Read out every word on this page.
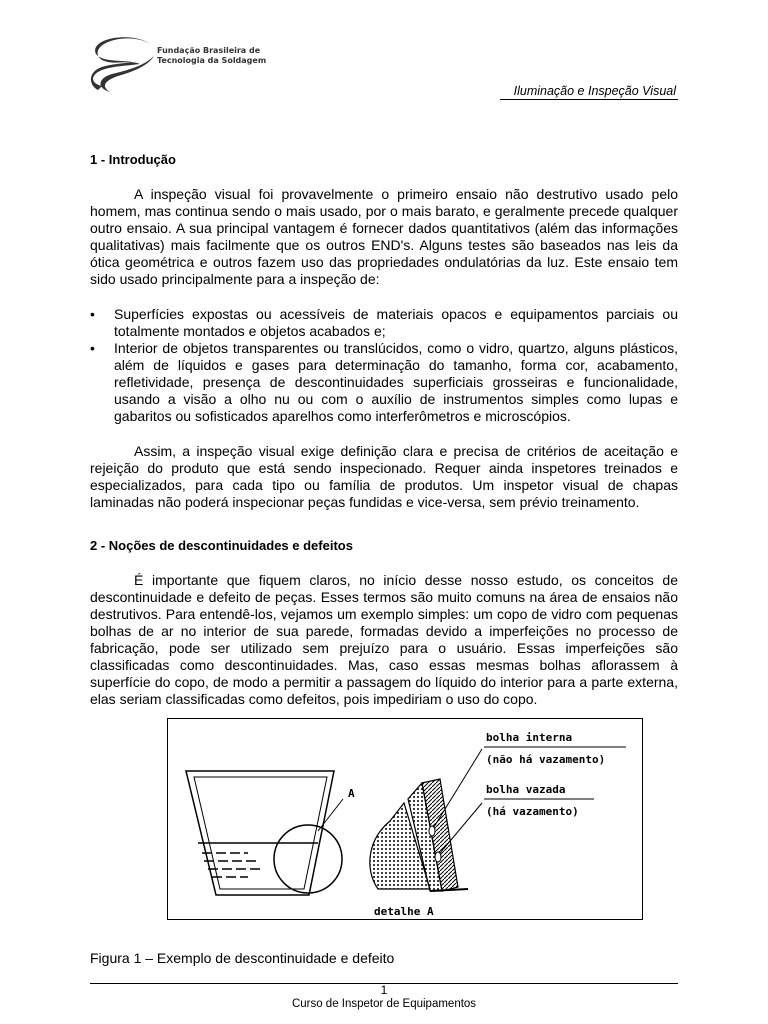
Fundação Brasileira de
Tecnologia da Soldagem
Iluminação e Inspeção Visual
1 - Introdução

A inspeção visual foi provavelmente o primeiro ensaio não destrutivo usado pelo homem, mas continua sendo o mais usado, por o mais barato, e geralmente precede qualquer outro ensaio. A sua principal vantagem é fornecer dados quantitativos (além das informações qualitativas) mais facilmente que os outros END's. Alguns testes são baseados nas leis da ótica geométrica e outros fazem uso das propriedades ondulatórias da luz. Este ensaio tem sido usado principalmente para a inspeção de:

• Superfícies expostas ou acessíveis de materiais opacos e equipamentos parciais ou totalmente montados e objetos acabados e;
• Interior de objetos transparentes ou translúcidos, como o vidro, quartzo, alguns plásticos, além de líquidos e gases para determinação do tamanho, forma cor, acabamento, refletividade, presença de descontinuidades superficiais grosseiras e funcionalidade, usando a visão a olho nu ou com o auxílio de instrumentos simples como lupas e gabaritos ou sofisticados aparelhos como interferômetros e microscópios.

Assim, a inspeção visual exige definição clara e precisa de critérios de aceitação e rejeição do produto que está sendo inspecionado. Requer ainda inspetores treinados e especializados, para cada tipo ou família de produtos. Um inspetor visual de chapas laminadas não poderá inspecionar peças fundidas e vice-versa, sem prévio treinamento.

2 - Noções de descontinuidades e defeitos

É importante que fiquem claros, no início desse nosso estudo, os conceitos de descontinuidade e defeito de peças. Esses termos são muito comuns na área de ensaios não destrutivos. Para entendê-los, vejamos um exemplo simples: um copo de vidro com pequenas bolhas de ar no interior de sua parede, formadas devido a imperfeições no processo de fabricação, pode ser utilizado sem prejuízo para o usuário. Essas imperfeições são classificadas como descontinuidades. Mas, caso essas mesmas bolhas aflorassem à superfície do copo, de modo a permitir a passagem do líquido do interior para a parte externa, elas seriam classificadas como defeitos, pois impediriam o uso do copo.

A
bolha interna
(não há vazamento)
bolha vazada
(há vazamento)
detalhe A
Figura 1 – Exemplo de descontinuidade e defeito
1
Curso de Inspetor de Equipamentos
